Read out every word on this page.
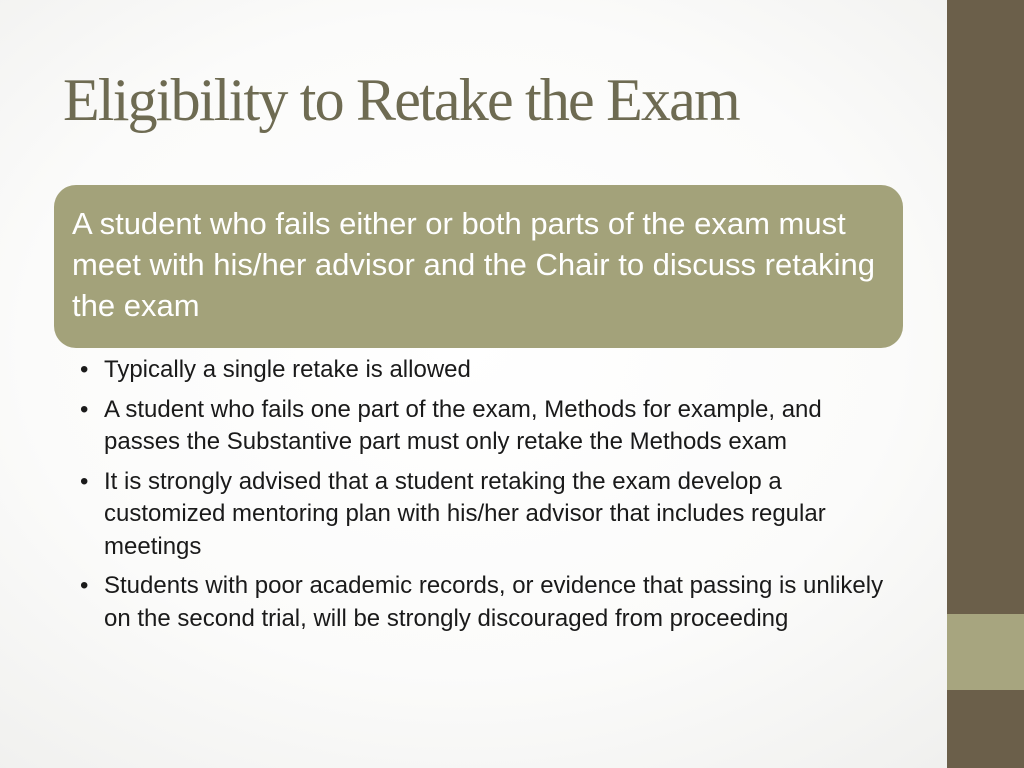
Eligibility to Retake the Exam
A student who fails either or both parts of the exam must meet with his/her advisor and the Chair to discuss retaking the exam
• Typically a single retake is allowed
• A student who fails one part of the exam, Methods for example, and passes the Substantive part must only retake the Methods exam
• It is strongly advised that a student retaking the exam develop a customized mentoring plan with his/her advisor that includes regular meetings
• Students with poor academic records, or evidence that passing is unlikely on the second trial, will be strongly discouraged from proceeding
